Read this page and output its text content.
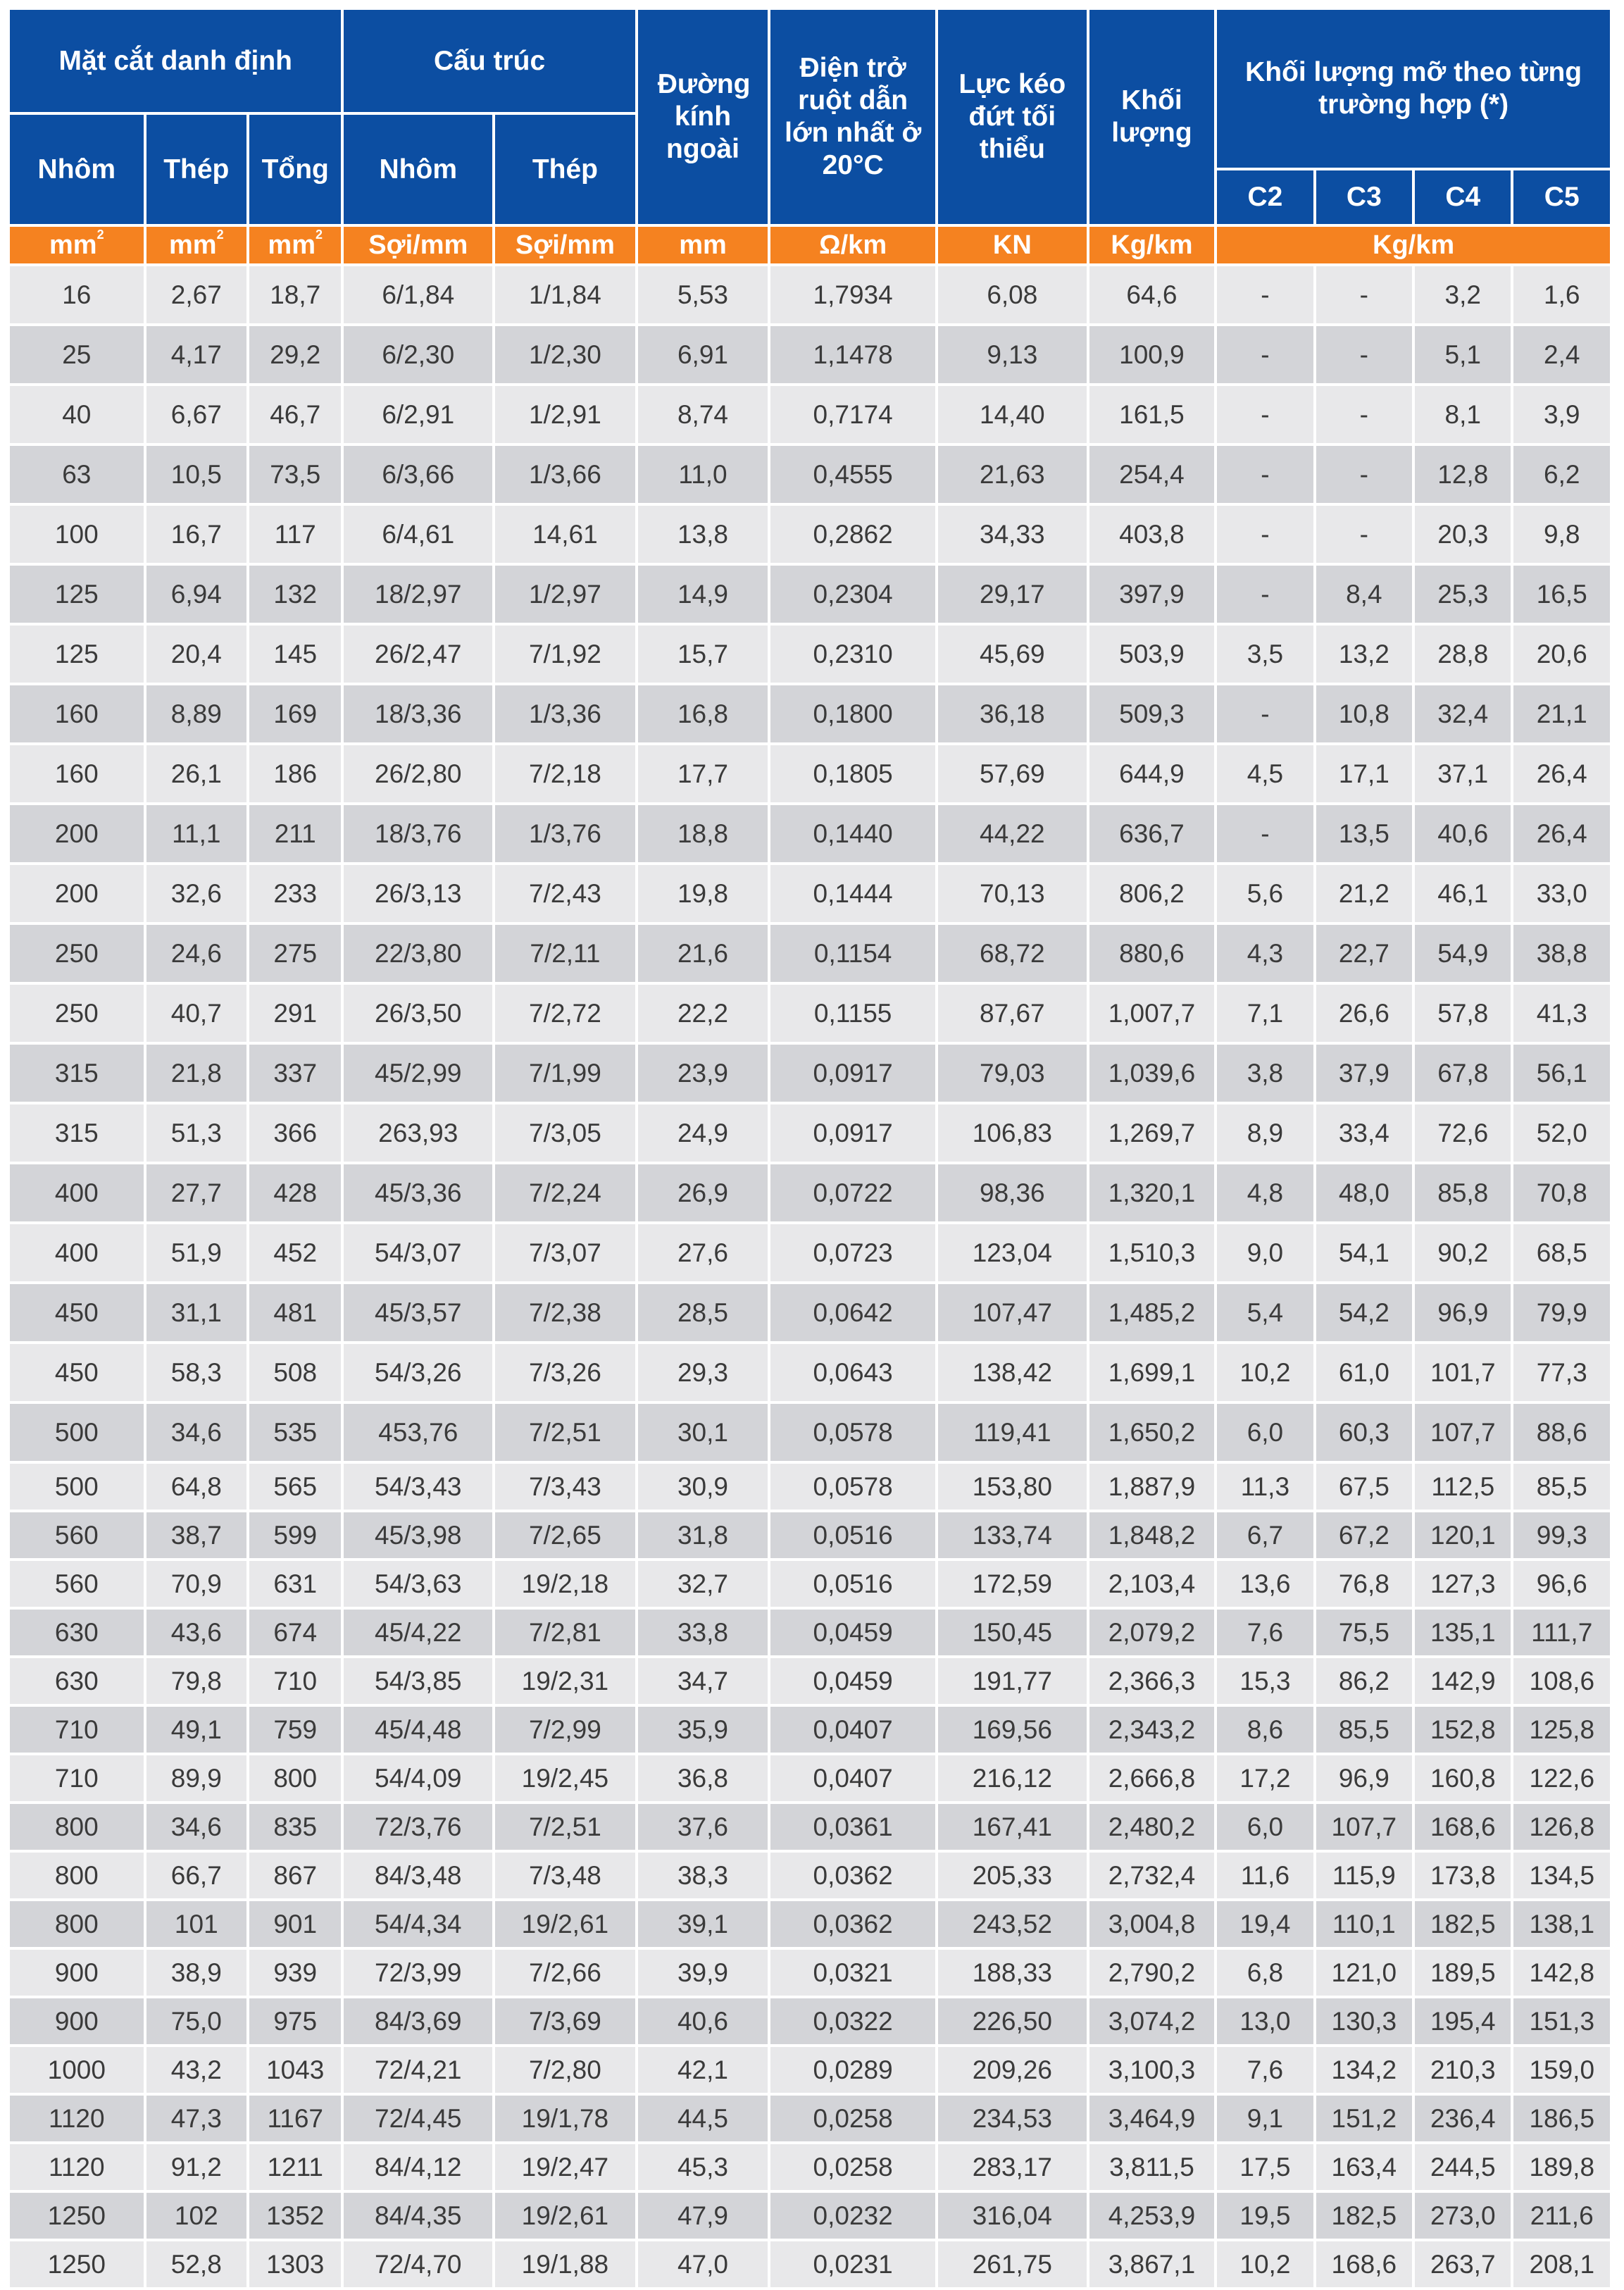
Mặt cắt danh định			Cấu trúc		Đường kính ngoài	Điện trở ruột dẫn lớn nhất ở 20°C	Lực kéo đứt tối thiểu	Khối lượng	Khối lượng mỡ theo từng trường hợp (*)			
Nhôm	Thép	Tổng	Nhôm	Thép								
									C2	C3	C4	C5
$mm^2$	$mm^2$	$mm^2$	Sợi/mm	Sợi/mm	mm	Ω/km	KN	Kg/km	Kg/km			
16	2,67	18,7	6/1,84	1/1,84	5,53	1,7934	6,08	64,6	-	-	3,2	1,6
25	4,17	29,2	6/2,30	1/2,30	6,91	1,1478	9,13	100,9	-	-	5,1	2,4
40	6,67	46,7	6/2,91	1/2,91	8,74	0,7174	14,40	161,5	-	-	8,1	3,9
63	10,5	73,5	6/3,66	1/3,66	11,0	0,4555	21,63	254,4	-	-	12,8	6,2
100	16,7	117	6/4,61	14,61	13,8	0,2862	34,33	403,8	-	-	20,3	9,8
125	6,94	132	18/2,97	1/2,97	14,9	0,2304	29,17	397,9	-	8,4	25,3	16,5
125	20,4	145	26/2,47	7/1,92	15,7	0,2310	45,69	503,9	3,5	13,2	28,8	20,6
160	8,89	169	18/3,36	1/3,36	16,8	0,1800	36,18	509,3	-	10,8	32,4	21,1
160	26,1	186	26/2,80	7/2,18	17,7	0,1805	57,69	644,9	4,5	17,1	37,1	26,4
200	11,1	211	18/3,76	1/3,76	18,8	0,1440	44,22	636,7	-	13,5	40,6	26,4
200	32,6	233	26/3,13	7/2,43	19,8	0,1444	70,13	806,2	5,6	21,2	46,1	33,0
250	24,6	275	22/3,80	7/2,11	21,6	0,1154	68,72	880,6	4,3	22,7	54,9	38,8
250	40,7	291	26/3,50	7/2,72	22,2	0,1155	87,67	1,007,7	7,1	26,6	57,8	41,3
315	21,8	337	45/2,99	7/1,99	23,9	0,0917	79,03	1,039,6	3,8	37,9	67,8	56,1
315	51,3	366	263,93	7/3,05	24,9	0,0917	106,83	1,269,7	8,9	33,4	72,6	52,0
400	27,7	428	45/3,36	7/2,24	26,9	0,0722	98,36	1,320,1	4,8	48,0	85,8	70,8
400	51,9	452	54/3,07	7/3,07	27,6	0,0723	123,04	1,510,3	9,0	54,1	90,2	68,5
450	31,1	481	45/3,57	7/2,38	28,5	0,0642	107,47	1,485,2	5,4	54,2	96,9	79,9
450	58,3	508	54/3,26	7/3,26	29,3	0,0643	138,42	1,699,1	10,2	61,0	101,7	77,3
500	34,6	535	453,76	7/2,51	30,1	0,0578	119,41	1,650,2	6,0	60,3	107,7	88,6
500	64,8	565	54/3,43	7/3,43	30,9	0,0578	153,80	1,887,9	11,3	67,5	112,5	85,5
560	38,7	599	45/3,98	7/2,65	31,8	0,0516	133,74	1,848,2	6,7	67,2	120,1	99,3
560	70,9	631	54/3,63	19/2,18	32,7	0,0516	172,59	2,103,4	13,6	76,8	127,3	96,6
630	43,6	674	45/4,22	7/2,81	33,8	0,0459	150,45	2,079,2	7,6	75,5	135,1	111,7
630	79,8	710	54/3,85	19/2,31	34,7	0,0459	191,77	2,366,3	15,3	86,2	142,9	108,6
710	49,1	759	45/4,48	7/2,99	35,9	0,0407	169,56	2,343,2	8,6	85,5	152,8	125,8
710	89,9	800	54/4,09	19/2,45	36,8	0,0407	216,12	2,666,8	17,2	96,9	160,8	122,6
800	34,6	835	72/3,76	7/2,51	37,6	0,0361	167,41	2,480,2	6,0	107,7	168,6	126,8
800	66,7	867	84/3,48	7/3,48	38,3	0,0362	205,33	2,732,4	11,6	115,9	173,8	134,5
800	101	901	54/4,34	19/2,61	39,1	0,0362	243,52	3,004,8	19,4	110,1	182,5	138,1
900	38,9	939	72/3,99	7/2,66	39,9	0,0321	188,33	2,790,2	6,8	121,0	189,5	142,8
900	75,0	975	84/3,69	7/3,69	40,6	0,0322	226,50	3,074,2	13,0	130,3	195,4	151,3
1000	43,2	1043	72/4,21	7/2,80	42,1	0,0289	209,26	3,100,3	7,6	134,2	210,3	159,0
1120	47,3	1167	72/4,45	19/1,78	44,5	0,0258	234,53	3,464,9	9,1	151,2	236,4	186,5
1120	91,2	1211	84/4,12	19/2,47	45,3	0,0258	283,17	3,811,5	17,5	163,4	244,5	189,8
1250	102	1352	84/4,35	19/2,61	47,9	0,0232	316,04	4,253,9	19,5	182,5	273,0	211,6
1250	52,8	1303	72/4,70	19/1,88	47,0	0,0231	261,75	3,867,1	10,2	168,6	263,7	208,1
